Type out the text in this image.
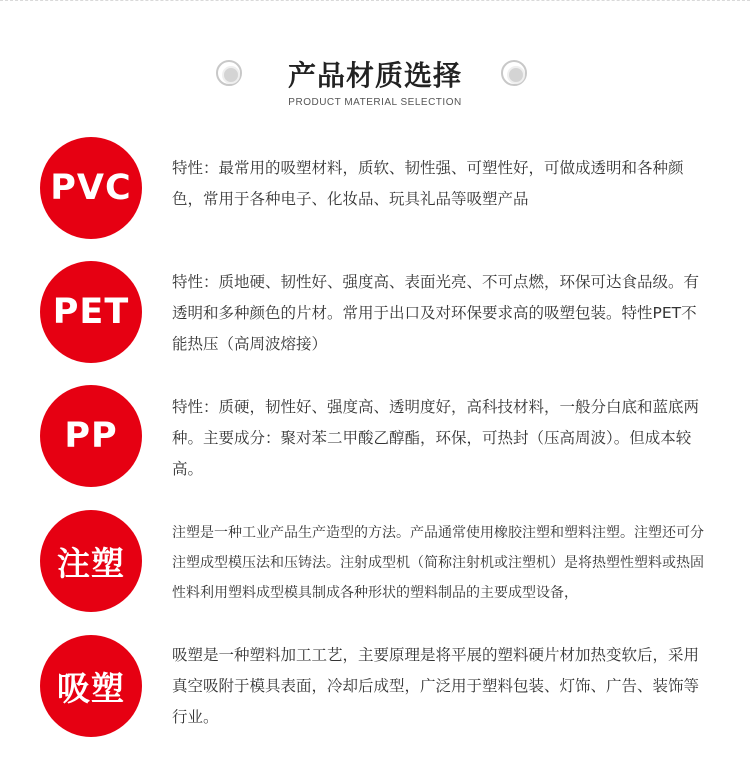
产品材质选择
PRODUCT MATERIAL SELECTION
PVC	特性：最常用的吸塑材料，质软、韧性强、可塑性好，可做成透明和各种颜色，常用于各种电子、化妆品、玩具礼品等吸塑产品
PET
特性：质地硬、韧性好、强度高、表面光亮、不可点燃，环保可达食品级。有透明和多种颜色的片材。常用于出口及对环保要求高的吸塑包装。特性PET不能热压（高周波熔接）
PP
特性：质硬，韧性好、强度高、透明度好，高科技材料，一般分白底和蓝底两种。主要成分：聚对苯二甲酸乙醇酯，环保，可热封（压高周波）。但成本较高。
注塑
注塑是一种工业产品生产造型的方法。产品通常使用橡胶注塑和塑料注塑。注塑还可分注塑成型模压法和压铸法。注射成型机（简称注射机或注塑机）是将热塑性塑料或热固性料利用塑料成型模具制成各种形状的塑料制品的主要成型设备，
吸塑
吸塑是一种塑料加工工艺，主要原理是将平展的塑料硬片材加热变软后，采用真空吸附于模具表面，冷却后成型，广泛用于塑料包装、灯饰、广告、装饰等行业。
